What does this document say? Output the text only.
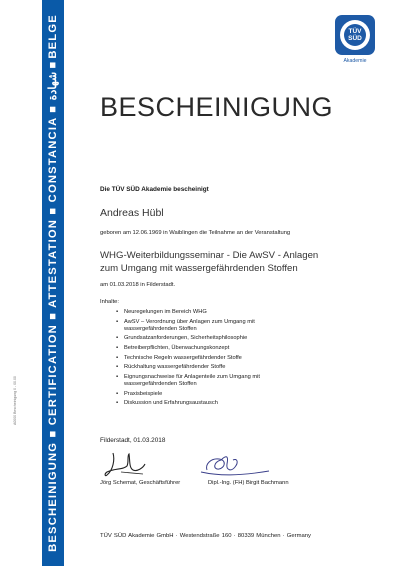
BESCHEINIGUNG ■ CERTIFICATION ■ ATTESTATION ■ CONSTANCIA ■ شهادة ■ BELGE
A0000 Bescheinigung 0 - 00.00
TÜV
SÜD
Akademie
BESCHEINIGUNG
Die TÜV SÜD Akademie bescheinigt
Andreas Hübl
geboren am 12.06.1969 in Waiblingen die Teilnahme an der Veranstaltung
WHG-Weiterbildungsseminar - Die AwSV - Anlagen zum Umgang mit wassergefährdenden Stoffen
am 01.03.2018 in Filderstadt.
Inhalte:
▪ Neuregelungen im Bereich WHG
▪ AwSV – Verordnung über Anlagen zum Umgang mit wassergefährdenden Stoffen
▪ Grundsatzanforderungen, Sicherheitsphilosophie
▪ Betreiberpflichten, Überwachungskonzept
▪ Technische Regeln wassergefährdender Stoffe
▪ Rückhaltung wassergefährdender Stoffe
▪ Eignungsnachweise für Anlagenteile zum Umgang mit wassergefährdenden Stoffen
▪ Praxisbeispiele
▪ Diskussion und Erfahrungsaustausch
Filderstadt, 01.03.2018
Jörg Schemat, Geschäftsführer	Dipl.-Ing. (FH) Birgit Bachmann
TÜV SÜD Akademie GmbH · Westendstraße 160 · 80339 München · Germany
